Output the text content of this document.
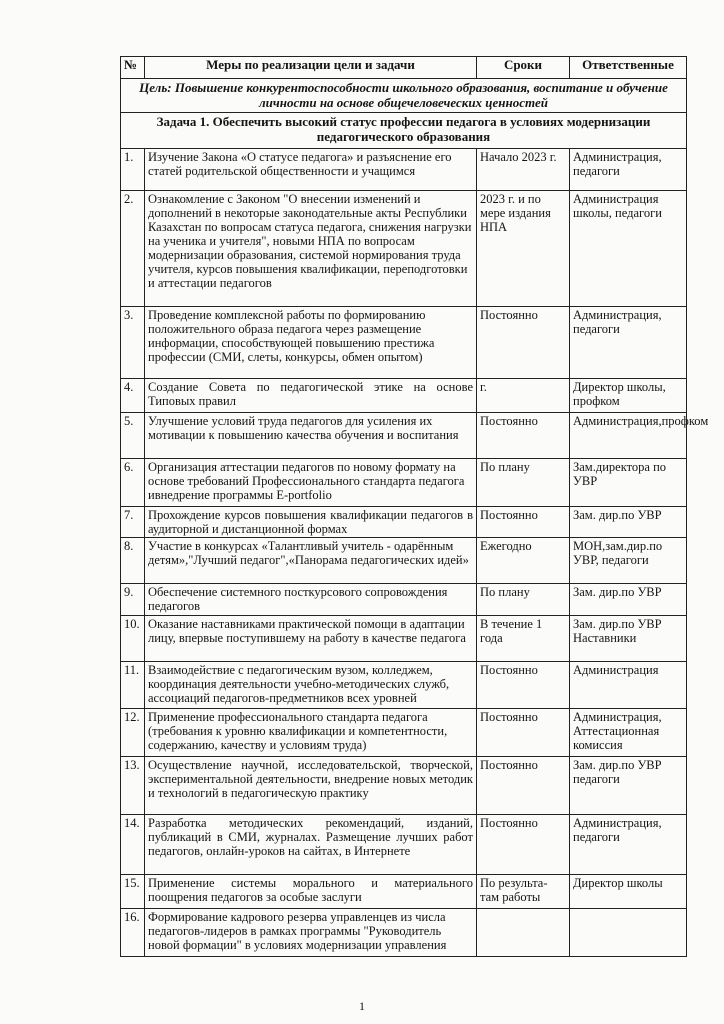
№	Меры по реализации цели и задачи	Сроки	Ответственные
Цель: Повышение конкурентоспособности школьного образования, воспитание и обучение личности на основе общечеловеческих ценностей			
Задача 1. Обеспечить высокий статус профессии педагога в условиях модернизации педагогического образования			
1.	Изучение Закона «О статусе педагога» и разъяснение его статей родительской общественности и учащимся	Начало 2023 г.	Администрация, педагоги
2.	Ознакомление с Законом "О внесении изменений и дополнений в некоторые законодательные акты Республики Казахстан по вопросам статуса педагога, снижения нагрузки на ученика и учителя", новыми НПА по вопросам модернизации образования, системой нормирования труда учителя, курсов повышения квалификации, переподготовки и аттестации педагогов	2023 г. и по мере издания НПА	Администрация школы, педагоги
3.	Проведение комплексной работы по формированию положительного образа педагога через размещение информации, способствующей повышению престижа профессии (СМИ, слеты, конкурсы, обмен опытом)	Постоянно	Администрация, педагоги
4.	Создание Совета по педагогической этике на основе Типовых правил	г.	Директор школы, профком
5.	Улучшение условий труда педагогов для усиления их мотивации к повышению качества обучения и воспитания	Постоянно	Администрация,профком
6.	Организация аттестации педагогов по новому формату на основе требований Профессионального стандарта педагога ивнедрение программы E-portfolio	По плану	Зам.директора по УВР
7.	Прохождение курсов повышения квалификации педагогов в аудиторной и дистанционной формах	Постоянно	Зам. дир.по УВР
8.	Участие в конкурсах «Талантливый учитель - одарённым детям»,"Лучший педагог",«Панорама педагогических идей»	Ежегодно	МОН,зам.дир.по УВР, педагоги
9.	Обеспечение системного посткурсового сопровождения педагогов	По плану	Зам. дир.по УВР
10.	Оказание наставниками практической помощи в адаптации лицу, впервые поступившему на работу в качестве педагога	В течение 1 года	Зам. дир.по УВР Наставники
11.	Взаимодействие с педагогическим вузом, колледжем, координация деятельности учебно-методических служб, ассоциаций педагогов-предметников всех уровней	Постоянно	Администрация
12.	Применение профессионального стандарта педагога (требования к уровню квалификации и компетентности, содержанию, качеству и условиям труда)	Постоянно	Администрация, Аттестационная комиссия
13.	Осуществление научной, исследовательской, творческой, экспериментальной деятельности, внедрение новых методик и технологий в педагогическую практику	Постоянно	Зам. дир.по УВР педагоги
14.	Разработка методических рекомендаций, изданий, публикаций в СМИ, журналах. Размещение лучших работ педагогов, онлайн-уроков на сайтах, в Интернете	Постоянно	Администрация, педагоги
15.	Применение системы морального и материального поощрения педагогов за особые заслуги	По результа-там работы	Директор школы
16.	Формирование кадрового резерва управленцев из числа педагогов-лидеров в рамках программы "Руководитель новой формации" в условиях модернизации управления		
1
